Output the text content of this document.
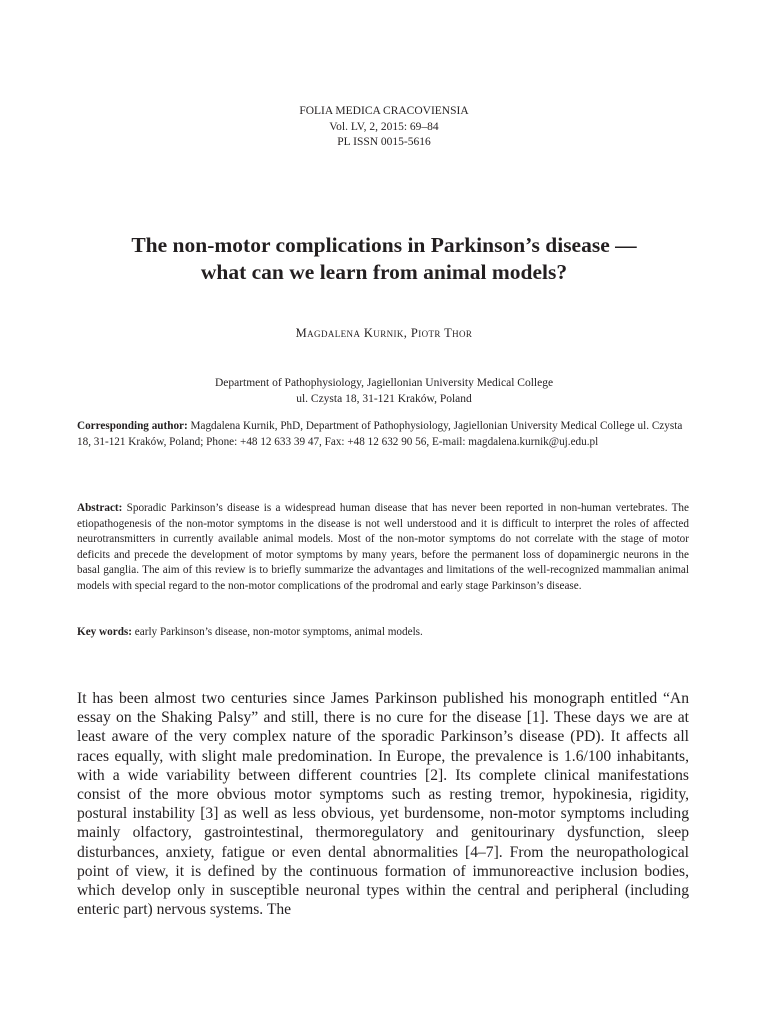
FOLIA MEDICA CRACOVIENSIA
Vol. LV, 2, 2015: 69–84
PL ISSN 0015-5616
The non-motor complications in Parkinson’s disease —
what can we learn from animal models?
Magdalena Kurnik, Piotr Thor
Department of Pathophysiology, Jagiellonian University Medical College
ul. Czysta 18, 31-121 Kraków, Poland
Corresponding author: Magdalena Kurnik, PhD, Department of Pathophysiology, Jagiellonian University Medical College ul. Czysta 18, 31-121 Kraków, Poland; Phone: +48 12 633 39 47, Fax: +48 12 632 90 56, E-mail: magdalena.kurnik@uj.edu.pl
Abstract: Sporadic Parkinson’s disease is a widespread human disease that has never been reported in non-human vertebrates. The etiopathogenesis of the non-motor symptoms in the disease is not well understood and it is difficult to interpret the roles of affected neurotransmitters in currently available animal models. Most of the non-motor symptoms do not correlate with the stage of motor deficits and precede the development of motor symptoms by many years, before the permanent loss of dopaminergic neurons in the basal ganglia. The aim of this review is to briefly summarize the advantages and limitations of the well-recognized mammalian animal models with special regard to the non-motor complications of the prodromal and early stage Parkinson’s disease.
Key words: early Parkinson’s disease, non-motor symptoms, animal models.

It has been almost two centuries since James Parkinson published his monograph entitled “An essay on the Shaking Palsy” and still, there is no cure for the disease [1]. These days we are at least aware of the very complex nature of the sporadic Parkinson’s disease (PD). It affects all races equally, with slight male predomination. In Europe, the prevalence is 1.6/100 inhabitants, with a wide variability between different countries [2]. Its complete clinical manifestations consist of the more obvious motor symptoms such as resting tremor, hypokinesia, rigidity, postural instability [3] as well as less obvious, yet burdensome, non-motor symptoms including mainly olfactory, gastrointestinal, thermoregulatory and genitourinary dysfunction, sleep disturbances, anxiety, fatigue or even dental abnormalities [4–7]. From the neuropathological point of view, it is defined by the continuous formation of immunoreactive inclusion bodies, which develop only in susceptible neuronal types within the central and peripheral (including enteric part) nervous systems. The
